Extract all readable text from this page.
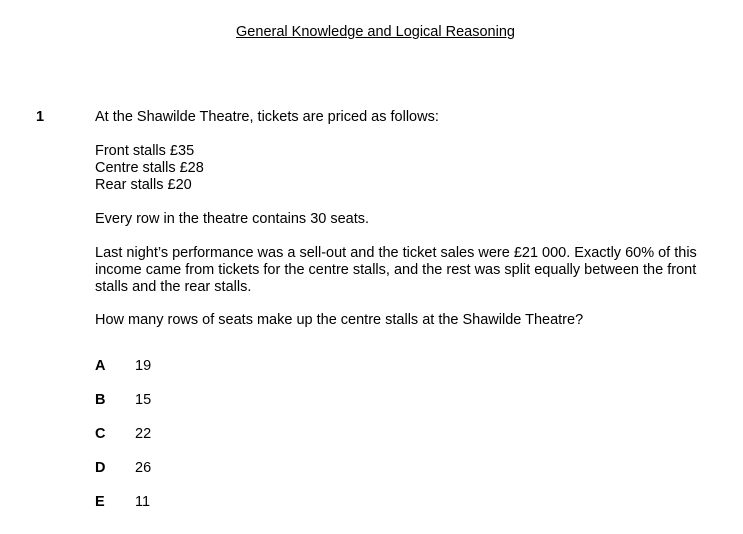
General Knowledge and Logical Reasoning
1	At the Shawilde Theatre, tickets are priced as follows:

Front stalls £35
Centre stalls £28
Rear stalls £20

Every row in the theatre contains 30 seats.

Last night’s performance was a sell-out and the ticket sales were £21 000. Exactly 60% of this income came from tickets for the centre stalls, and the rest was split equally between the front stalls and the rear stalls.

How many rows of seats make up the centre stalls at the Shawilde Theatre?

A	19
B	15
C	22
D	26
E	11
